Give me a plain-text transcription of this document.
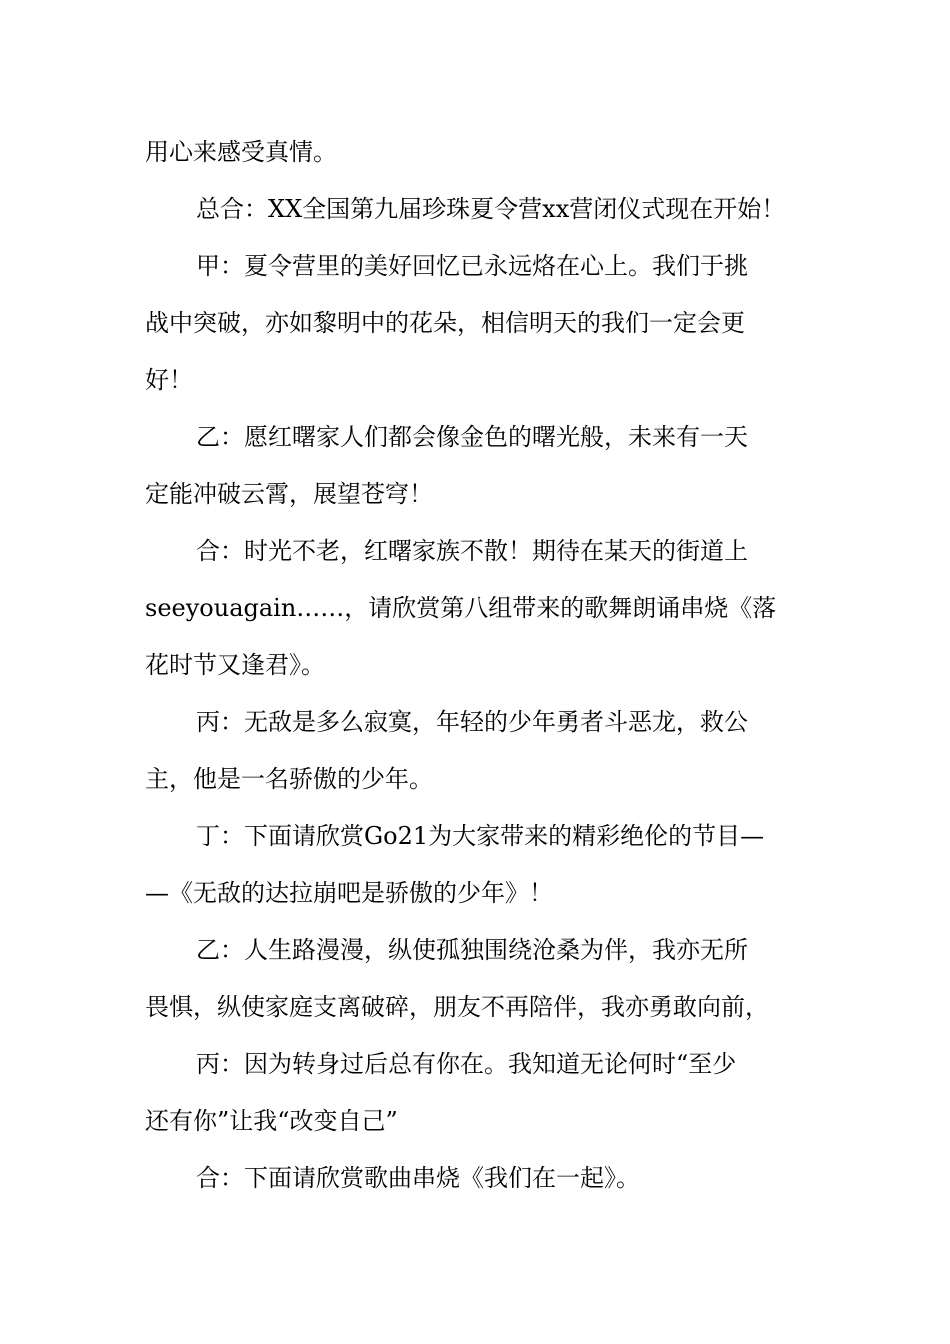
用心来感受真情。
总合：XX全国第九届珍珠夏令营xx营闭仪式现在开始！
甲：夏令营里的美好回忆已永远烙在心上。我们于挑
战中突破，亦如黎明中的花朵，相信明天的我们一定会更
好！
乙：愿红曙家人们都会像金色的曙光般，未来有一天
定能冲破云霄，展望苍穹！
合：时光不老，红曙家族不散！期待在某天的街道上
seeyouagain……，请欣赏第八组带来的歌舞朗诵串烧《落
花时节又逢君》。
丙：无敌是多么寂寞，年轻的少年勇者斗恶龙，救公
主，他是一名骄傲的少年。
丁：下面请欣赏Go21为大家带来的精彩绝伦的节目—
—《无敌的达拉崩吧是骄傲的少年》！
乙：人生路漫漫，纵使孤独围绕沧桑为伴，我亦无所
畏惧，纵使家庭支离破碎，朋友不再陪伴，我亦勇敢向前，
丙：因为转身过后总有你在。我知道无论何时“至少
还有你”让我“改变自己”
合：下面请欣赏歌曲串烧《我们在一起》。
